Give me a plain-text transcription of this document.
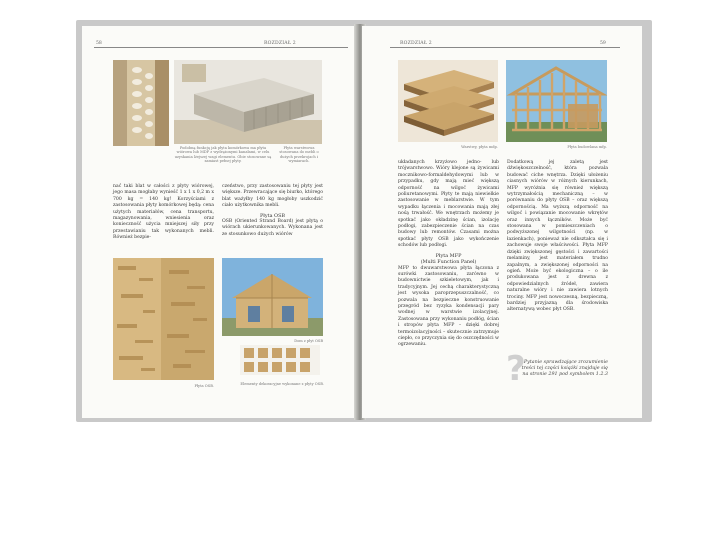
58	ROZDZIAŁ 2
Podobną funkcję jak płyta komórkowa ma płyta wiórowa lub MDF z wydrążonymi kanałami, w celu uzyskania lżejszej wagi elementu. Obie stosowane są zamiast pełnej płyty.
Płyta warstwowa stosowana do mebli o dużych przekrojach i wymiarach.
nać taki blat w całości z płyty wiórowej, jego masa mogłaby wynieść 1 x 1 x 0,2 m x 700 kg = 140 kg! Korzyściami z zastosowania płyty komórkowej będą: cena użytych materiałów, cena transportu, magazynowania, wniesienia oraz konieczność użycia mniejszej siły przy przestawianiu tak wykonanych mebli. Również bezpie-
czeństwo, przy zastosowaniu tej płyty jest większe. Przewracające się biurko, którego blat ważyłby 140 kg mogłoby uszkodzić ciało użytkownika mebli.
Płyta OSB
OSB (Oriented Strand Board) jest płytą o wiórach ukierunkowanych. Wykonana jest ze stosunkowo dużych wiórów
Płyta OSB.
Dom z płyt OSB
Elementy dekoracyjne wykonane z płyty OSB.
ROZDZIAŁ 2	59
Warstwy, płyta mdp.	Płyta budowlana mfp.
układanych krzyżowo jedno- lub trójwarstwowo. Wióry klejone są żywicami mocznikowo-formaldehydowymi lub w przypadku, gdy mają mieć większą odporność na wilgoć żywicami poliuretanowymi. Płyty te mają niewielkie zastosowanie w meblarstwie. W tym wypadku łączenia i mocowania mają złej nośą trwałość. We wnętrzach możemy je spotkać jako okładzinę ścian, izolację podłogi, zabezpieczenie ścian na czas budowy lub remontów. Czasami można spotkać płyty OSB jako wykończenie schodów lub podłogi.
Płyta MFP
(Multi Function Panel)
MFP to dwuwarstwowa płyta łączona z surówki zastosowaniu, zarówno w budownictwie szkieletowym, jak i tradycyjnym. Jej cechą charakterystyczną jest wysoka paroprzepuszczalność, co pozwala na bezpieczne konstruowanie przegród bez ryzyka kondensacji pary wodnej w warstwie izolacyjnej. Zastosowana przy wykonaniu podłóg, ścian i stropów płyta MFP – dzięki dobrej termoizolacyjności – skutecznie zatrzymuje ciepło, co przyczynia się do oszczędności w ogrzewaniu.
Dodatkową jej zaletą jest dźwiękoszczelność, która pozwala budować ciche wnętrza. Dzięki ułożeniu ciasnych wiórów w różnych kierunkach, MFP wyróżnia się również większą wytrzymałością mechaniczną – w porównaniu do płyty OSB – oraz większą odpornością. Ma wyższą odporność na wilgoć i powiązanie mocowanie wkrętów oraz innych łączników. Może być stosowana w pomieszczeniach o podwyższonej wilgotności (np. w łazienkach), ponieważ nie odkształca się i zachowuje swoje właściwości. Płyta MFP dzięki zwiększonej gęstości i zawartości melaminy, jest materiałem trudno zapalnym, a zwiększonej odporności na ogień. Może być ekologiczna – o ile produkowana jest z drewna z odpowiedzialnych źródeł, zawiera naturalne wióry i nie zawiera lotnych trociny. MFP jest nowoczesną, bezpieczną, bardziej przyjazną dla środowiska alternatywą wobec płyt OSB.
?
Pytanie sprawdzające zrozumienie treści tej części książki znajduje się na stronie 291 pod symbolem 1.2.3
